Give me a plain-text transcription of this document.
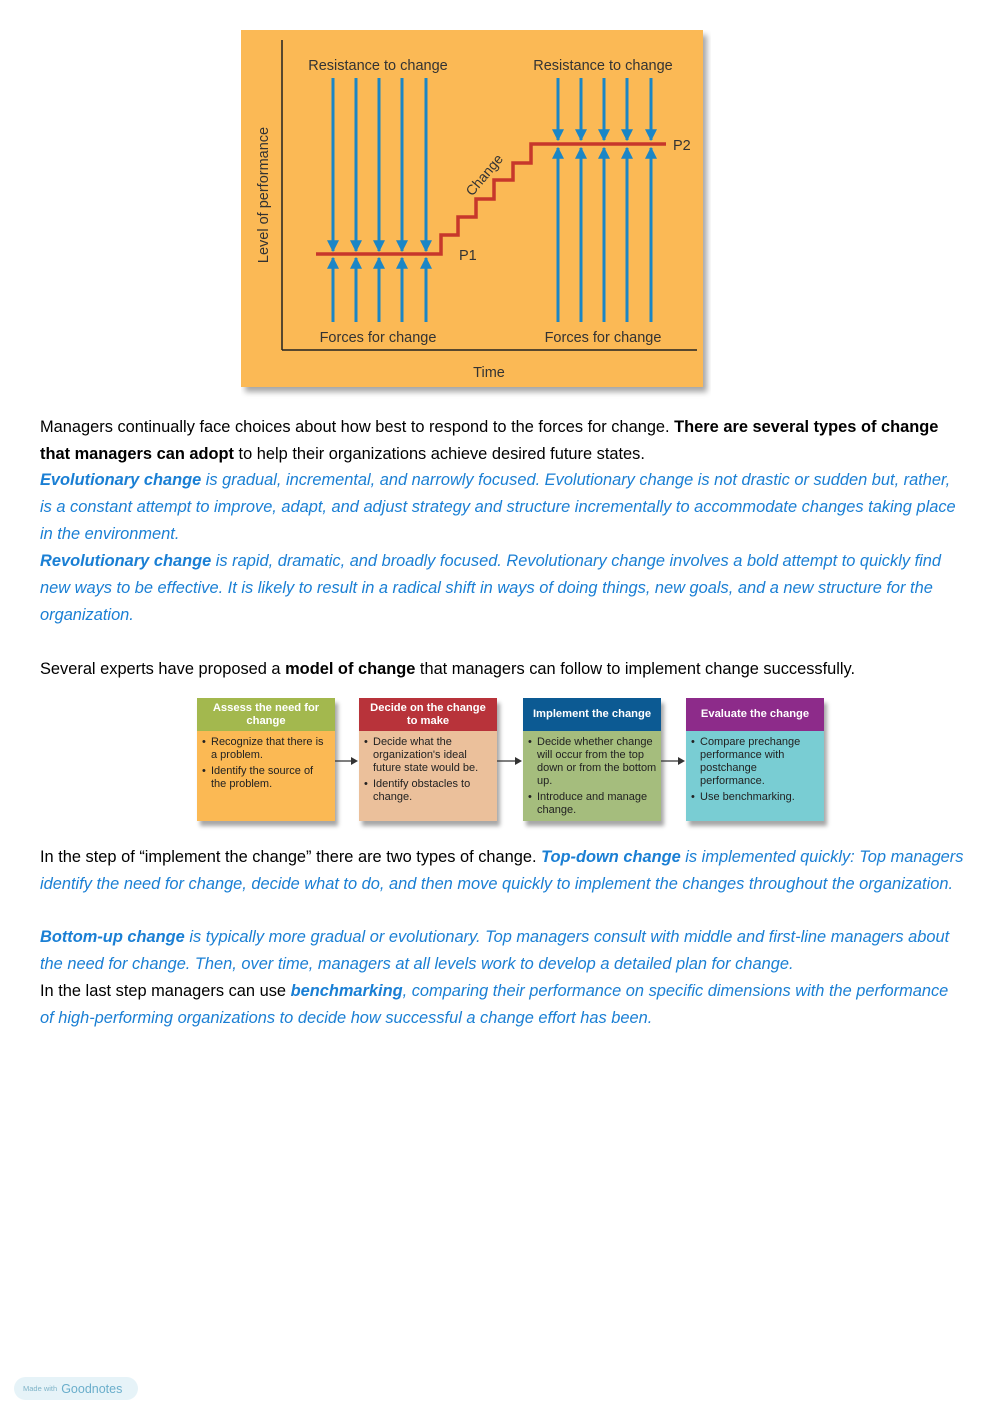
Resistance to change	Resistance to change
Forces for change	Forces for change
Level of performance
Time
Change
P1
P2

Managers continually face choices about how best to respond to the forces for change. There are several types of change that managers can adopt to help their organizations achieve desired future states.

Evolutionary change is gradual, incremental, and narrowly focused. Evolutionary change is not drastic or sudden but, rather, is a constant attempt to improve, adapt, and adjust strategy and structure incrementally to accommodate changes taking place in the environment.

Revolutionary change is rapid, dramatic, and broadly focused. Revolutionary change involves a bold attempt to quickly find new ways to be effective. It is likely to result in a radical shift in ways of doing things, new goals, and a new structure for the organization.

Several experts have proposed a model of change that managers can follow to implement change successfully.

Assess the need for change
• Recognize that there is a problem.
• Identify the source of the problem.
Decide on the change to make
• Decide what the organization's ideal future state would be.
• Identify obstacles to change.
Implement the change
• Decide whether change will occur from the top down or from the bottom up.
• Introduce and manage change.
Evaluate the change
• Compare prechange performance with postchange performance.
• Use benchmarking.

In the step of “implement the change” there are two types of change. Top-down change is implemented quickly: Top managers identify the need for change, decide what to do, and then move quickly to implement the changes throughout the organization.

Bottom-up change is typically more gradual or evolutionary. Top managers consult with middle and first-line managers about the need for change. Then, over time, managers at all levels work to develop a detailed plan for change.

In the last step managers can use benchmarking, comparing their performance on specific dimensions with the performance of high-performing organizations to decide how successful a change effort has been.

Made with Goodnotes
